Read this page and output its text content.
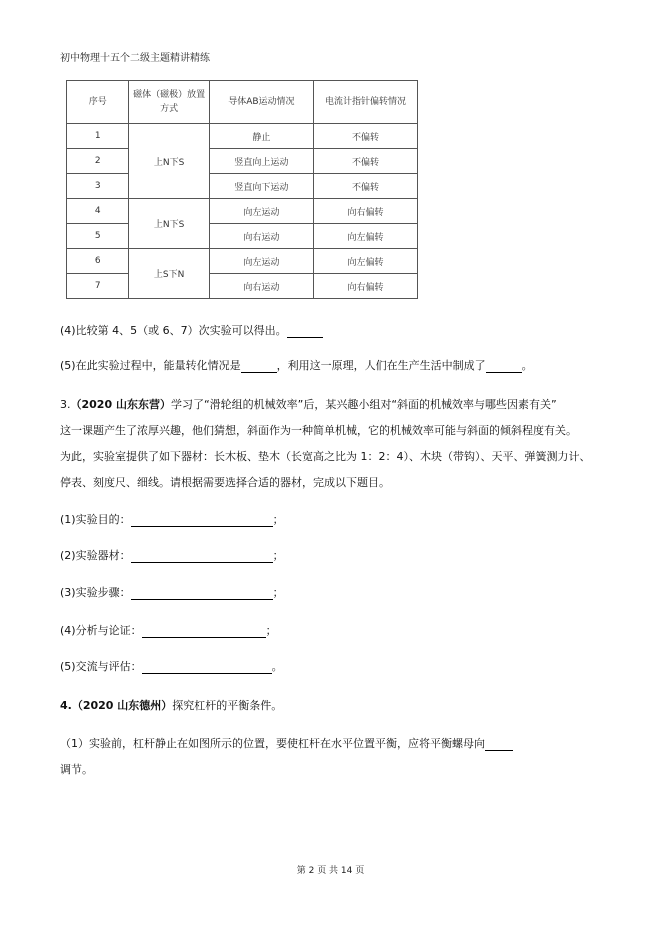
初中物理十五个二级主题精讲精练
序号	磁体（磁极）放置方式	导体AB运动情况	电流计指针偏转情况
1	上N下S	静止	不偏转
2		竖直向上运动	不偏转
3		竖直向下运动	不偏转
4	上N下S	向左运动	向右偏转
5		向右运动	向左偏转
6	上S下N	向左运动	向左偏转
7		向右运动	向右偏转
(4)比较第 4、5（或 6、7）次实验可以得出。
(5)在此实验过程中，能量转化情况是	，利用这一原理，人们在生产生活中制成了	。
3.（2020 山东东营）学习了“滑轮组的机械效率”后，某兴趣小组对“斜面的机械效率与哪些因素有关”
这一课题产生了浓厚兴趣，他们猜想，斜面作为一种简单机械，它的机械效率可能与斜面的倾斜程度有关。
为此，实验室提供了如下器材：长木板、垫木（长宽高之比为 1：2：4）、木块（带钩）、天平、弹簧测力计、
停表、刻度尺、细线。请根据需要选择合适的器材，完成以下题目。
(1)实验目的：	；
(2)实验器材：	；
(3)实验步骤：	；
(4)分析与论证：	；
(5)交流与评估：	。
4.（2020 山东德州）探究杠杆的平衡条件。
（1）实验前，杠杆静止在如图所示的位置，要使杠杆在水平位置平衡，应将平衡螺母向
调节。
第 2 页 共 14 页
